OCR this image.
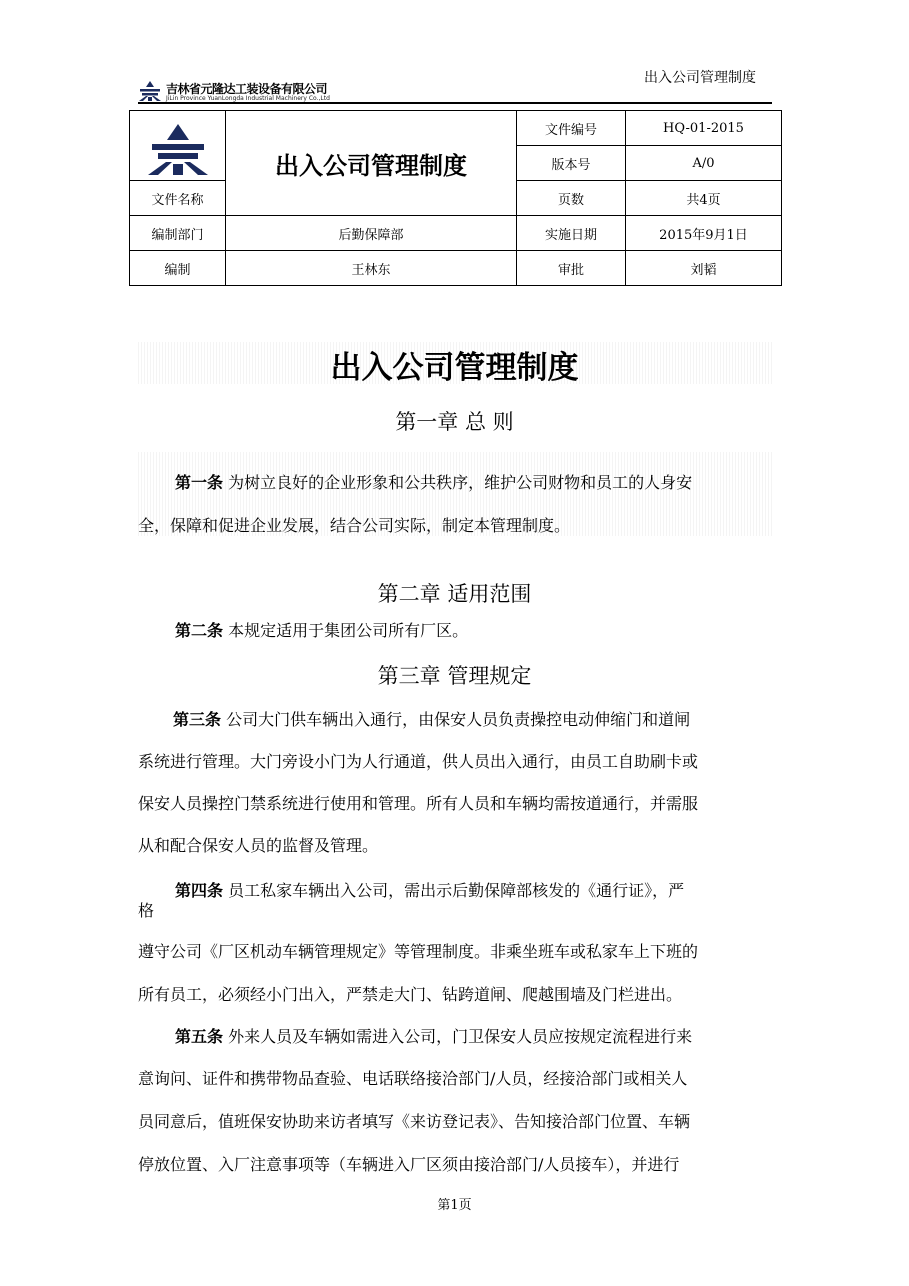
吉林省元隆达工装设备有限公司
JiLin Province YuanLongda Industrial Machinery Co.,Ltd
出入公司管理制度
	出入公司管理制度	文件编号	HQ-01-2015
		版本号	A/0
文件名称		页数	共4页
编制部门	后勤保障部	实施日期	2015年9月1日
编制	王林东	审批	刘韬
出入公司管理制度
第一章 总 则
第一条 为树立良好的企业形象和公共秩序，维护公司财物和员工的人身安
全，保障和促进企业发展，结合公司实际，制定本管理制度。
第二章 适用范围
第二条 本规定适用于集团公司所有厂区。
第三章 管理规定
第三条 公司大门供车辆出入通行，由保安人员负责操控电动伸缩门和道闸
系统进行管理。大门旁设小门为人行通道，供人员出入通行，由员工自助刷卡或
保安人员操控门禁系统进行使用和管理。所有人员和车辆均需按道通行，并需服
从和配合保安人员的监督及管理。
第四条 员工私家车辆出入公司，需出示后勤保障部核发的《通行证》，严
格
遵守公司《厂区机动车辆管理规定》等管理制度。非乘坐班车或私家车上下班的
所有员工，必须经小门出入，严禁走大门、钻跨道闸、爬越围墙及门栏进出。
第五条 外来人员及车辆如需进入公司，门卫保安人员应按规定流程进行来
意询问、证件和携带物品查验、电话联络接洽部门/人员，经接洽部门或相关人
员同意后，值班保安协助来访者填写《来访登记表》、告知接洽部门位置、车辆
停放位置、入厂注意事项等（车辆进入厂区须由接洽部门/人员接车），并进行
第1页
